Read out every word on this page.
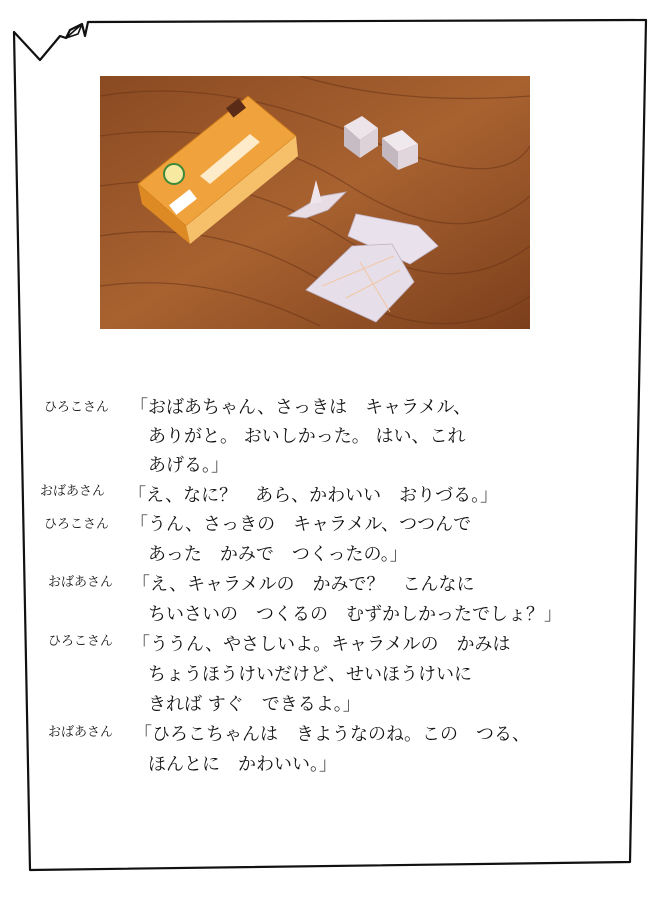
ひろこさん 「おばあちゃん、さっきは　キャラメル、
ありがと。 おいしかった。 はい、これ
あげる。」
おばあさん 「え、なに？　あら、かわいい　おりづる。」
ひろこさん 「うん、さっきの　キャラメル、つつんで
あった　かみで　つくったの。」
おばあさん 「え、キャラメルの　かみで？　こんなに
ちいさいの　つくるの　むずかしかったでしょ？」
ひろこさん 「ううん、やさしいよ。キャラメルの　かみは
ちょうほうけいだけど、せいほうけいに
きれば すぐ　できるよ。」
おばあさん 「ひろこちゃんは　きようなのね。この　つる、
ほんとに　かわいい。」
